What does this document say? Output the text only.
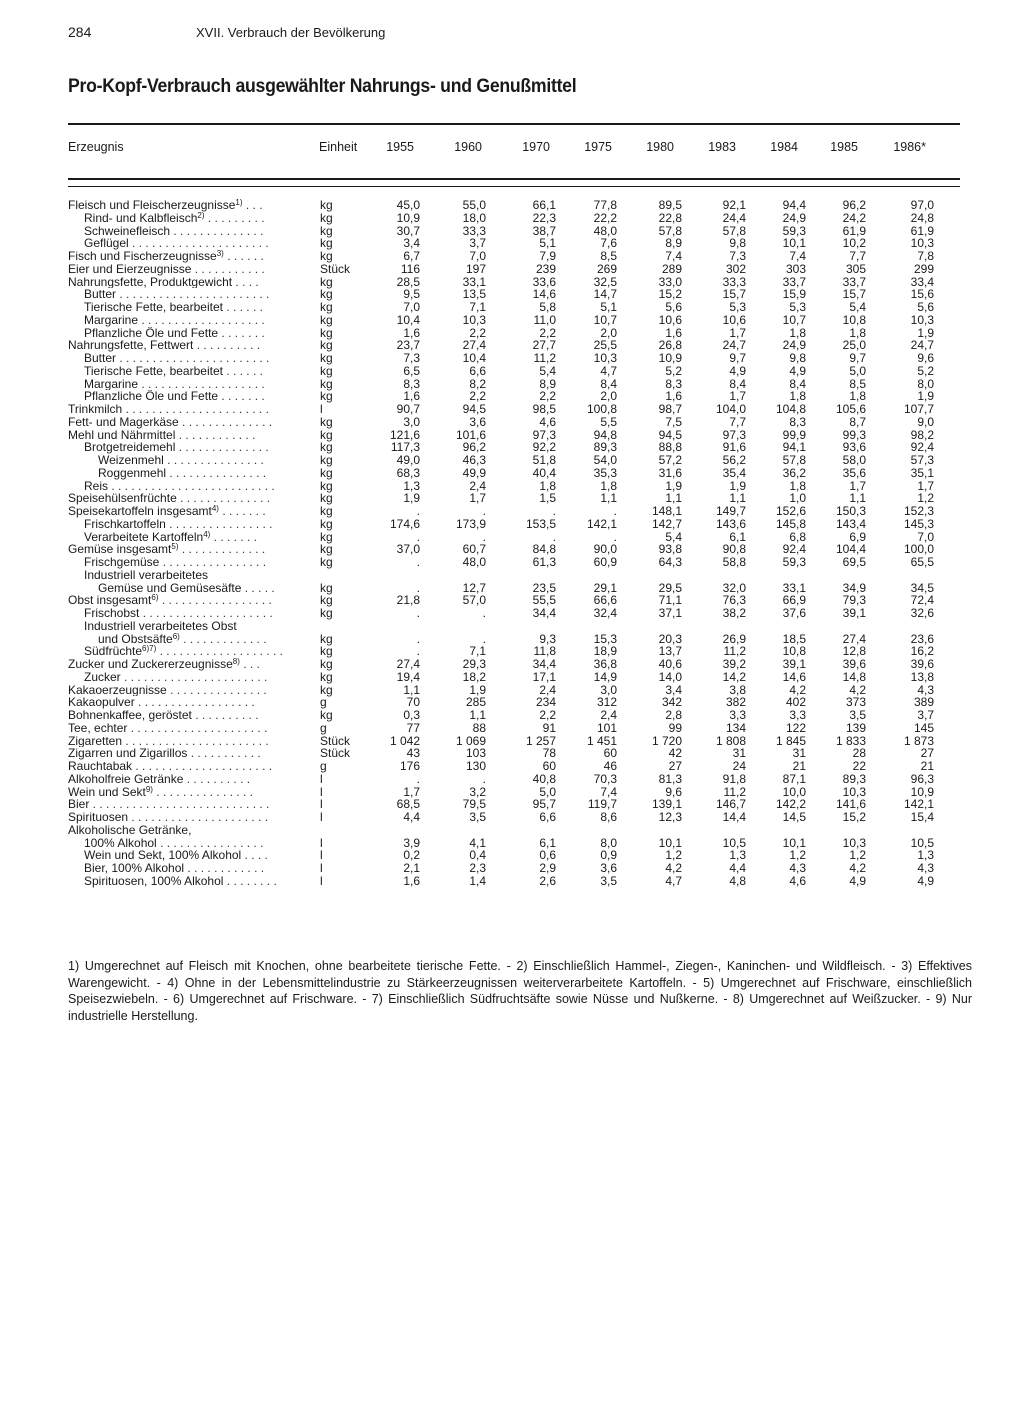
284	XVII. Verbrauch der Bevölkerung
Pro-Kopf-Verbrauch ausgewählter Nahrungs- und Genußmittel
Erzeugnis	Einheit	1955	1960	1970	1975	1980	1983	1984	1985	1986*
Fleisch und Fleischerzeugnisse$^{1)}$ . . .	kg	45,0	55,0	66,1	77,8	89,5	92,1	94,4	96,2	97,0
Rind- und Kalbfleisch$^{2)}$ . . . . . . . . .	kg	10,9	18,0	22,3	22,2	22,8	24,4	24,9	24,2	24,8
Schweinefleisch . . . . . . . . . . . . . .	kg	30,7	33,3	38,7	48,0	57,8	57,8	59,3	61,9	61,9
Geflügel . . . . . . . . . . . . . . . . . . . . .	kg	3,4	3,7	5,1	7,6	8,9	9,8	10,1	10,2	10,3
Fisch und Fischerzeugnisse$^{3)}$ . . . . . .	kg	6,7	7,0	7,9	8,5	7,4	7,3	7,4	7,7	7,8
Eier und Eierzeugnisse . . . . . . . . . . .	Stück	116	197	239	269	289	302	303	305	299
Nahrungsfette, Produktgewicht . . . .	kg	28,5	33,1	33,6	32,5	33,0	33,3	33,7	33,7	33,4
Butter . . . . . . . . . . . . . . . . . . . . . . .	kg	9,5	13,5	14,6	14,7	15,2	15,7	15,9	15,7	15,6
Tierische Fette, bearbeitet . . . . . .	kg	7,0	7,1	5,8	5,1	5,6	5,3	5,3	5,4	5,6
Margarine . . . . . . . . . . . . . . . . . . .	kg	10,4	10,3	11,0	10,7	10,6	10,6	10,7	10,8	10,3
Pflanzliche Öle und Fette . . . . . . .	kg	1,6	2,2	2,2	2,0	1,6	1,7	1,8	1,8	1,9
Nahrungsfette, Fettwert . . . . . . . . . .	kg	23,7	27,4	27,7	25,5	26,8	24,7	24,9	25,0	24,7
Butter . . . . . . . . . . . . . . . . . . . . . . .	kg	7,3	10,4	11,2	10,3	10,9	9,7	9,8	9,7	9,6
Tierische Fette, bearbeitet . . . . . .	kg	6,5	6,6	5,4	4,7	5,2	4,9	4,9	5,0	5,2
Margarine . . . . . . . . . . . . . . . . . . .	kg	8,3	8,2	8,9	8,4	8,3	8,4	8,4	8,5	8,0
Pflanzliche Öle und Fette . . . . . . .	kg	1,6	2,2	2,2	2,0	1,6	1,7	1,8	1,8	1,9
Trinkmilch . . . . . . . . . . . . . . . . . . . . . .	l	90,7	94,5	98,5	100,8	98,7	104,0	104,8	105,6	107,7
Fett- und Magerkäse . . . . . . . . . . . . . .	kg	3,0	3,6	4,6	5,5	7,5	7,7	8,3	8,7	9,0
Mehl und Nährmittel . . . . . . . . . . . .	kg	121,6	101,6	97,3	94,8	94,5	97,3	99,9	99,3	98,2
Brotgetreidemehl . . . . . . . . . . . . . .	kg	117,3	96,2	92,2	89,3	88,8	91,6	94,1	93,6	92,4
Weizenmehl . . . . . . . . . . . . . . .	kg	49,0	46,3	51,8	54,0	57,2	56,2	57,8	58,0	57,3
Roggenmehl . . . . . . . . . . . . . . .	kg	68,3	49,9	40,4	35,3	31,6	35,4	36,2	35,6	35,1
Reis . . . . . . . . . . . . . . . . . . . . . . . . .	kg	1,3	2,4	1,8	1,8	1,9	1,9	1,8	1,7	1,7
Speisehülsenfrüchte . . . . . . . . . . . . . .	kg	1,9	1,7	1,5	1,1	1,1	1,1	1,0	1,1	1,2
Speisekartoffeln insgesamt$^{4)}$ . . . . . . .	kg	.	.	.	.	148,1	149,7	152,6	150,3	152,3
Frischkartoffeln . . . . . . . . . . . . . . . .	kg	174,6	173,9	153,5	142,1	142,7	143,6	145,8	143,4	145,3
Verarbeitete Kartoffeln$^{4)}$ . . . . . . .	kg	.	.	.	.	5,4	6,1	6,8	6,9	7,0
Gemüse insgesamt$^{5)}$ . . . . . . . . . . . . .	kg	37,0	60,7	84,8	90,0	93,8	90,8	92,4	104,4	100,0
Frischgemüse . . . . . . . . . . . . . . . .	kg	.	48,0	61,3	60,9	64,3	58,8	59,3	69,5	65,5
Industriell verarbeitetes
Gemüse und Gemüsesäfte . . . . .	kg	.	12,7	23,5	29,1	29,5	32,0	33,1	34,9	34,5
Obst insgesamt$^{6)}$ . . . . . . . . . . . . . . . . .	kg	21,8	57,0	55,5	66,6	71,1	76,3	66,9	79,3	72,4
Frischobst . . . . . . . . . . . . . . . . . . . .	kg	.	.	34,4	32,4	37,1	38,2	37,6	39,1	32,6
Industriell verarbeitetes Obst
und Obstsäfte$^{6)}$ . . . . . . . . . . . . .	kg	.	.	9,3	15,3	20,3	26,9	18,5	27,4	23,6
Südfrüchte$^{6)7)}$ . . . . . . . . . . . . . . . . . . .	kg	.	7,1	11,8	18,9	13,7	11,2	10,8	12,8	16,2
Zucker und Zuckererzeugnisse$^{8)}$ . . .	kg	27,4	29,3	34,4	36,8	40,6	39,2	39,1	39,6	39,6
Zucker . . . . . . . . . . . . . . . . . . . . . .	kg	19,4	18,2	17,1	14,9	14,0	14,2	14,6	14,8	13,8
Kakaoerzeugnisse . . . . . . . . . . . . . . .	kg	1,1	1,9	2,4	3,0	3,4	3,8	4,2	4,2	4,3
Kakaopulver . . . . . . . . . . . . . . . . . .	g	70	285	234	312	342	382	402	373	389
Bohnenkaffee, geröstet . . . . . . . . . .	kg	0,3	1,1	2,2	2,4	2,8	3,3	3,3	3,5	3,7
Tee, echter . . . . . . . . . . . . . . . . . . . . .	g	77	88	91	101	99	134	122	139	145
Zigaretten . . . . . . . . . . . . . . . . . . . . . .	Stück	1 042	1 069	1 257	1 451	1 720	1 808	1 845	1 833	1 873
Zigarren und Zigarillos . . . . . . . . . . .	Stück	43	103	78	60	42	31	31	28	27
Rauchtabak . . . . . . . . . . . . . . . . . . . . .	g	176	130	60	46	27	24	21	22	21
Alkoholfreie Getränke . . . . . . . . . .	l	.	.	40,8	70,3	81,3	91,8	87,1	89,3	96,3
Wein und Sekt$^{9)}$ . . . . . . . . . . . . . . .	l	1,7	3,2	5,0	7,4	9,6	11,2	10,0	10,3	10,9
Bier . . . . . . . . . . . . . . . . . . . . . . . . . . .	l	68,5	79,5	95,7	119,7	139,1	146,7	142,2	141,6	142,1
Spirituosen . . . . . . . . . . . . . . . . . . . . .	l	4,4	3,5	6,6	8,6	12,3	14,4	14,5	15,2	15,4
Alkoholische Getränke,
100% Alkohol . . . . . . . . . . . . . . . .	l	3,9	4,1	6,1	8,0	10,1	10,5	10,1	10,3	10,5
Wein und Sekt, 100% Alkohol . . . .	l	0,2	0,4	0,6	0,9	1,2	1,3	1,2	1,2	1,3
Bier, 100% Alkohol . . . . . . . . . . . .	l	2,1	2,3	2,9	3,6	4,2	4,4	4,3	4,2	4,3
Spirituosen, 100% Alkohol . . . . . . . .	l	1,6	1,4	2,6	3,5	4,7	4,8	4,6	4,9	4,9
1) Umgerechnet auf Fleisch mit Knochen, ohne bearbeitete tierische Fette. - 2) Einschließlich Hammel-, Ziegen-, Kaninchen- und Wildfleisch. - 3) Effektives Warengewicht. - 4) Ohne in der Lebensmittelindustrie zu Stärkeerzeugnissen weiterverarbeitete Kartoffeln. - 5) Umgerechnet auf Frischware, einschließlich Speisezwiebeln. - 6) Umgerechnet auf Frischware. - 7) Einschließlich Südfruchtsäfte sowie Nüsse und Nußkerne. - 8) Umgerechnet auf Weißzucker. - 9) Nur industrielle Herstellung.
